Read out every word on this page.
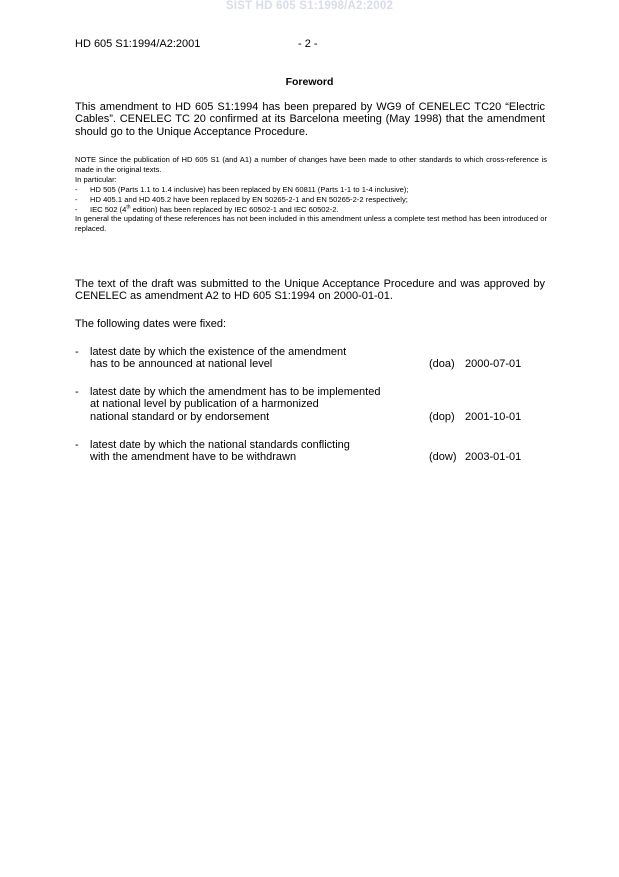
SIST HD 605 S1:1998/A2:2002
HD 605 S1:1994/A2:2001	- 2 -
Foreword
This amendment to HD 605 S1:1994 has been prepared by WG9 of CENELEC TC20 “Electric Cables”. CENELEC TC 20 confirmed at its Barcelona meeting (May 1998) that the amendment should go to the Unique Acceptance Procedure.
NOTE Since the publication of HD 605 S1 (and A1) a number of changes have been made to other standards to which cross-reference is made in the original texts.
In particular:
- HD 505 (Parts 1.1 to 1.4 inclusive) has been replaced by EN 60811 (Parts 1-1 to 1-4 inclusive);
- HD 405.1 and HD 405.2 have been replaced by EN 50265-2-1 and EN 50265-2-2 respectively;
- IEC 502 (4th edition) has been replaced by IEC 60502-1 and IEC 60502-2.
In general the updating of these references has not been included in this amendment unless a complete test method has been introduced or replaced.
The text of the draft was submitted to the Unique Acceptance Procedure and was approved by CENELEC as amendment A2 to HD 605 S1:1994 on 2000-01-01.
The following dates were fixed:
- latest date by which the existence of the amendment
has to be announced at national level	(doa) 2000-07-01
- latest date by which the amendment has to be implemented
at national level by publication of a harmonized
national standard or by endorsement	(dop) 2001-10-01
- latest date by which the national standards conflicting
with the amendment have to be withdrawn	(dow) 2003-01-01
